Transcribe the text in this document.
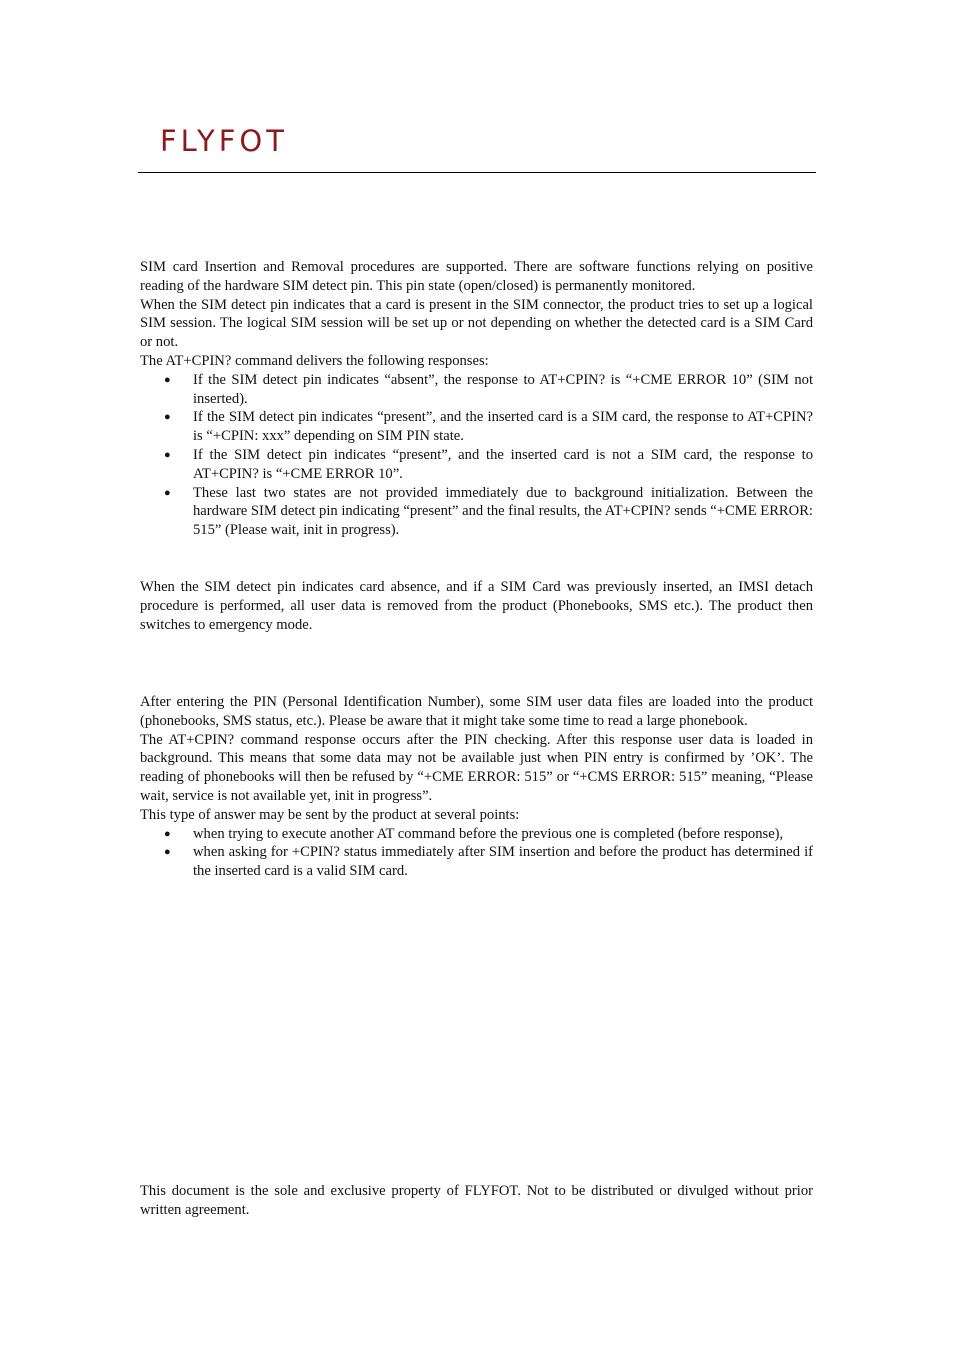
FLYFOT

SIM card Insertion and Removal procedures are supported. There are software functions relying on positive reading of the hardware SIM detect pin. This pin state (open/closed) is permanently monitored.

When the SIM detect pin indicates that a card is present in the SIM connector, the product tries to set up a logical SIM session. The logical SIM session will be set up or not depending on whether the detected card is a SIM Card or not.

The AT+CPIN? command delivers the following responses:

● If the SIM detect pin indicates “absent”, the response to AT+CPIN? is “+CME ERROR 10” (SIM not inserted).
● If the SIM detect pin indicates “present”, and the inserted card is a SIM card, the response to AT+CPIN? is “+CPIN: xxx” depending on SIM PIN state.
● If the SIM detect pin indicates “present”, and the inserted card is not a SIM card, the response to AT+CPIN? is “+CME ERROR 10”.
● These last two states are not provided immediately due to background initialization. Between the hardware SIM detect pin indicating “present” and the final results, the AT+CPIN? sends “+CME ERROR: 515” (Please wait, init in progress).

When the SIM detect pin indicates card absence, and if a SIM Card was previously inserted, an IMSI detach procedure is performed, all user data is removed from the product (Phonebooks, SMS etc.). The product then switches to emergency mode.

After entering the PIN (Personal Identification Number), some SIM user data files are loaded into the product (phonebooks, SMS status, etc.). Please be aware that it might take some time to read a large phonebook.

The AT+CPIN? command response occurs after the PIN checking. After this response user data is loaded in background. This means that some data may not be available just when PIN entry is confirmed by ’OK’. The reading of phonebooks will then be refused by “+CME ERROR: 515” or “+CMS ERROR: 515” meaning, “Please wait, service is not available yet, init in progress”.

This type of answer may be sent by the product at several points:

● when trying to execute another AT command before the previous one is completed (before response),
● when asking for +CPIN? status immediately after SIM insertion and before the product has determined if the inserted card is a valid SIM card.

This document is the sole and exclusive property of FLYFOT. Not to be distributed or divulged without prior written agreement.
